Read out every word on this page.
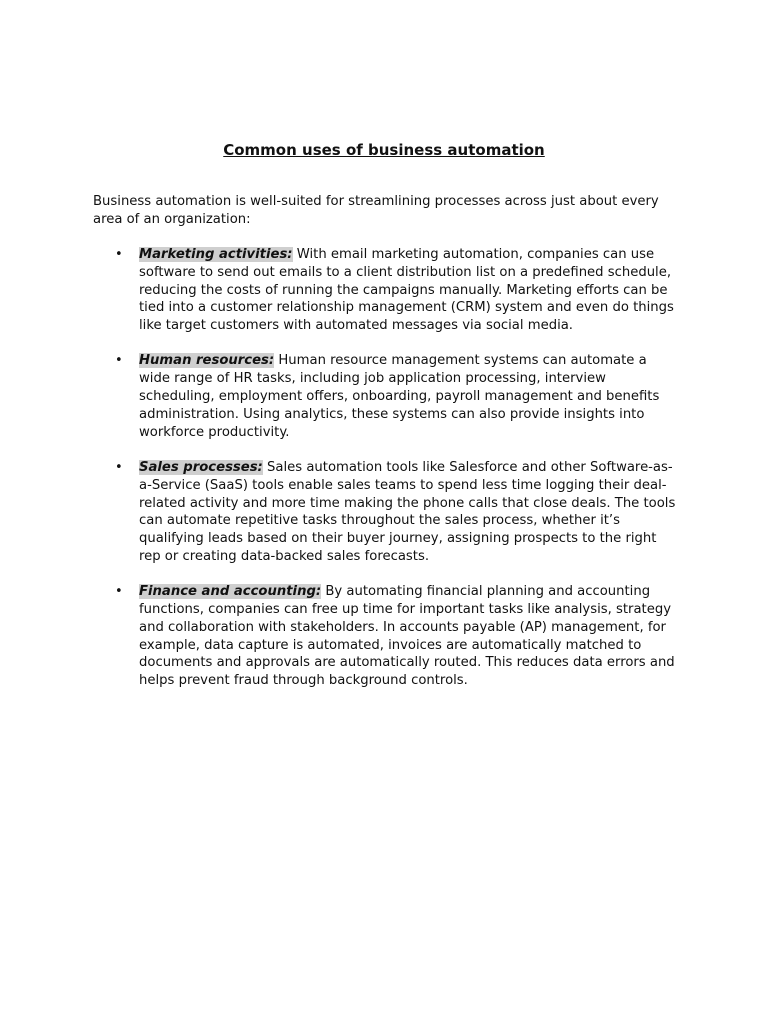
Common uses of business automation

Business automation is well-suited for streamlining processes across just about every area of an organization:

• Marketing activities: With email marketing automation, companies can use software to send out emails to a client distribution list on a predefined schedule, reducing the costs of running the campaigns manually. Marketing efforts can be tied into a customer relationship management (CRM) system and even do things like target customers with automated messages via social media.
• Human resources: Human resource management systems can automate a wide range of HR tasks, including job application processing, interview scheduling, employment offers, onboarding, payroll management and benefits administration. Using analytics, these systems can also provide insights into workforce productivity.
• Sales processes: Sales automation tools like Salesforce and other Software-as-a-Service (SaaS) tools enable sales teams to spend less time logging their deal-related activity and more time making the phone calls that close deals. The tools can automate repetitive tasks throughout the sales process, whether it’s qualifying leads based on their buyer journey, assigning prospects to the right rep or creating data-backed sales forecasts.
• Finance and accounting: By automating financial planning and accounting functions, companies can free up time for important tasks like analysis, strategy and collaboration with stakeholders. In accounts payable (AP) management, for example, data capture is automated, invoices are automatically matched to documents and approvals are automatically routed. This reduces data errors and helps prevent fraud through background controls.
